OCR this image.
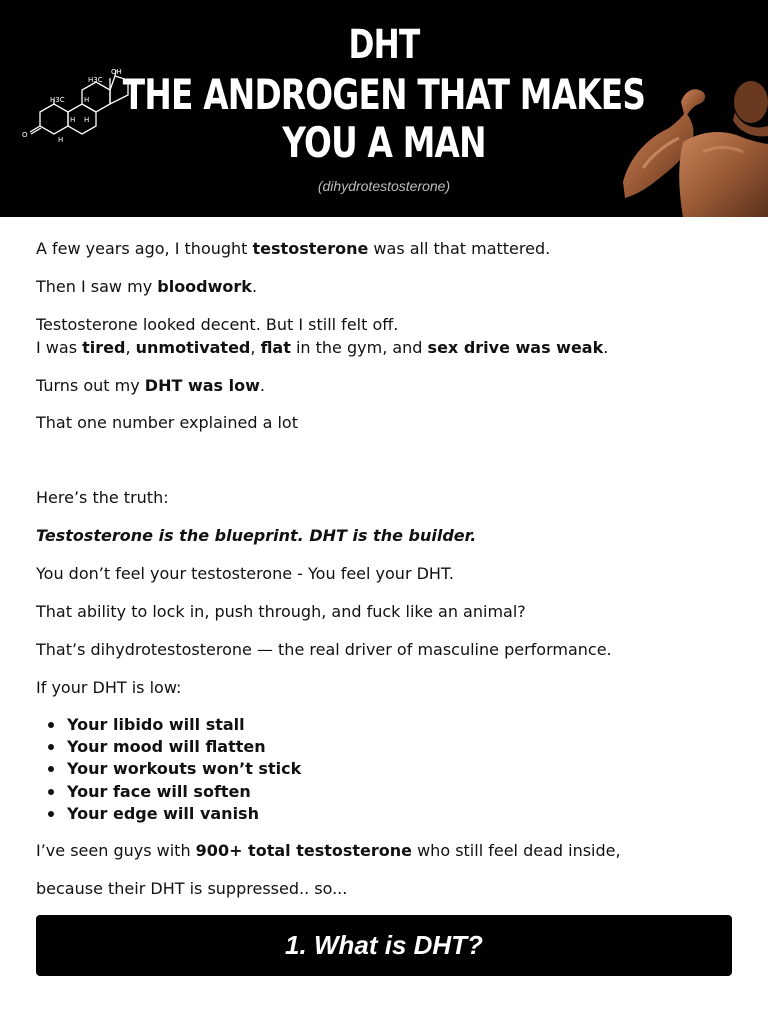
O
H3C
H3C
OH
H
H H
H
DHT
THE ANDROGEN THAT MAKES
YOU A MAN
(dihydrotestosterone)

A few years ago, I thought testosterone was all that mattered.

Then I saw my bloodwork.

Testosterone looked decent. But I still felt off.

I was tired, unmotivated, flat in the gym, and sex drive was weak.

Turns out my DHT was low.

That one number explained a lot

Here’s the truth:

Testosterone is the blueprint. DHT is the builder.

You don’t feel your testosterone - You feel your DHT.

That ability to lock in, push through, and fuck like an animal?

That’s dihydrotestosterone — the real driver of masculine performance.

If your DHT is low:

Your libido will stall
Your mood will flatten
Your workouts won’t stick
Your face will soften
Your edge will vanish

I’ve seen guys with 900+ total testosterone who still feel dead inside,

because their DHT is suppressed.. so...

1. What is DHT?
